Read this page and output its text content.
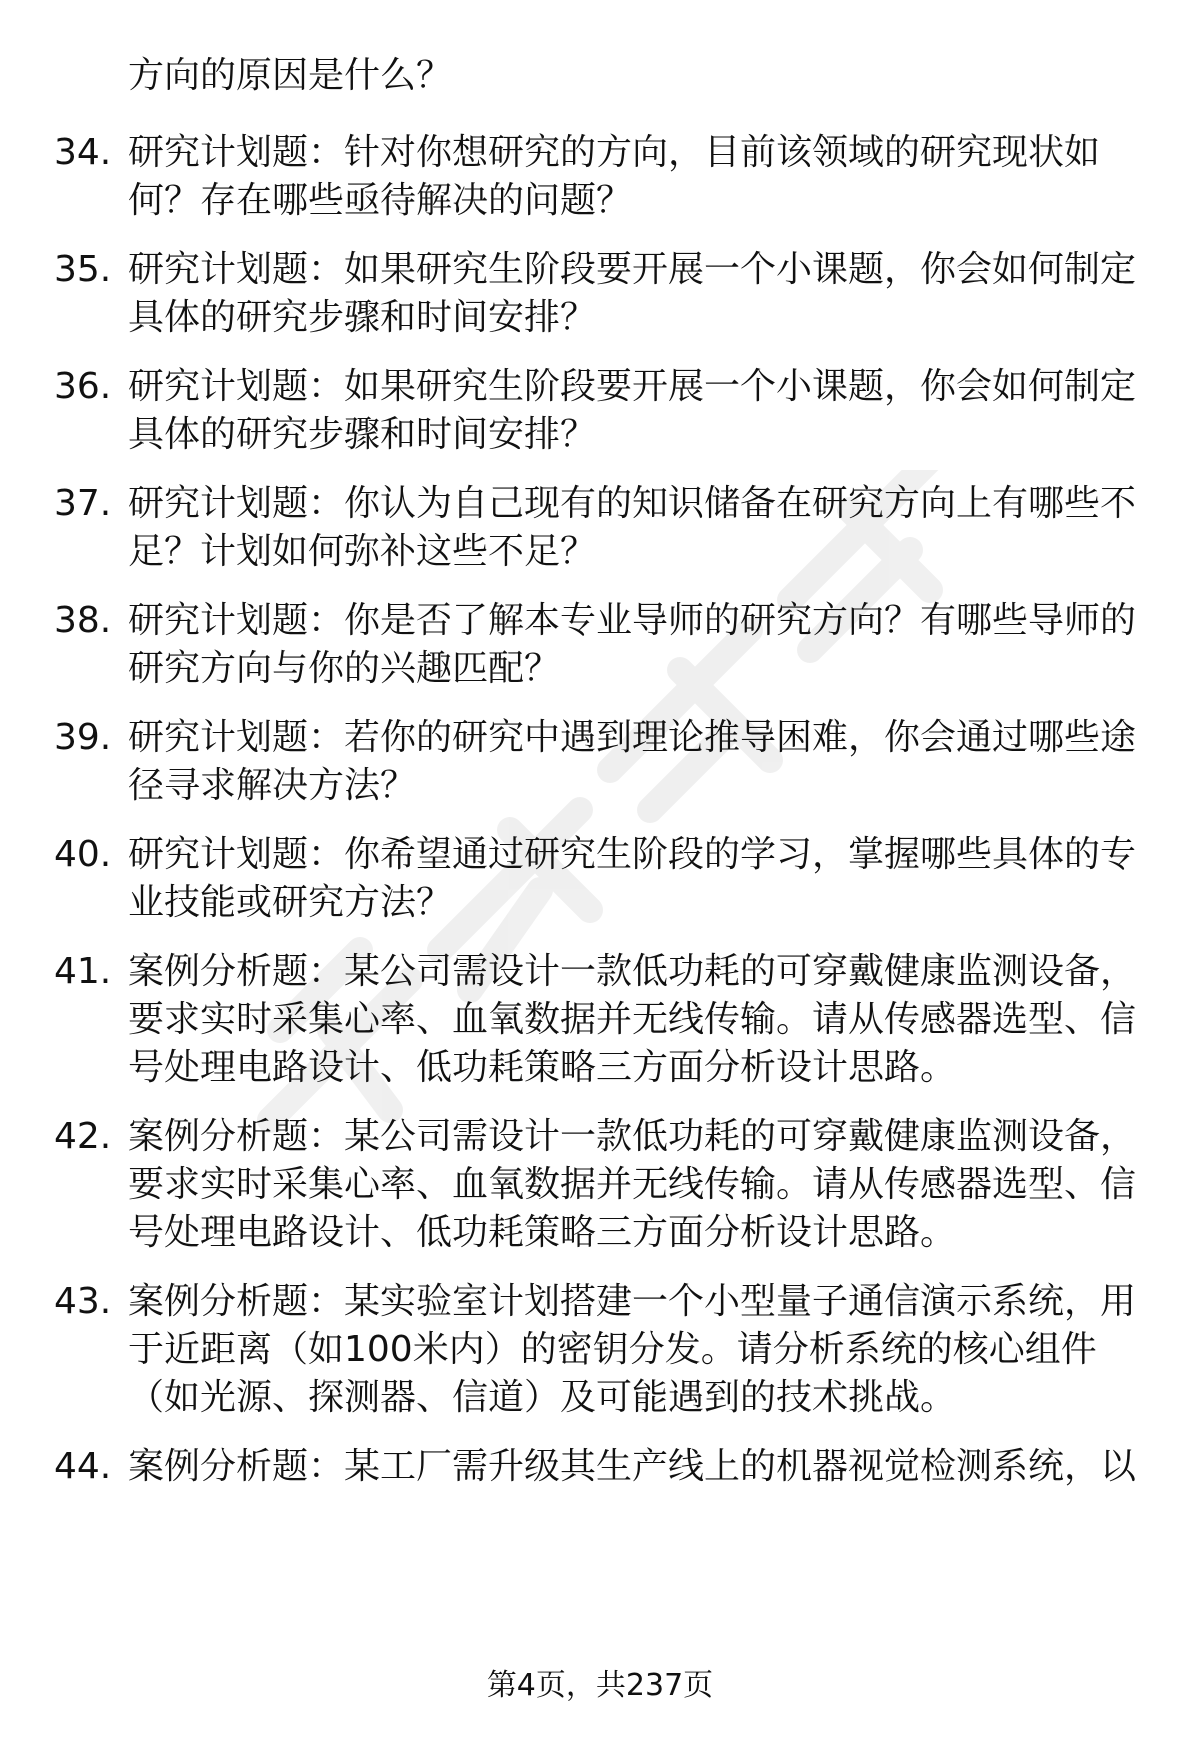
方向的原因是什么？
34. 研究计划题：针对你想研究的方向，目前该领域的研究现状如
何？存在哪些亟待解决的问题？
35. 研究计划题：如果研究生阶段要开展一个小课题，你会如何制定
具体的研究步骤和时间安排？
36. 研究计划题：如果研究生阶段要开展一个小课题，你会如何制定
具体的研究步骤和时间安排？
37. 研究计划题：你认为自己现有的知识储备在研究方向上有哪些不
足？计划如何弥补这些不足？
38. 研究计划题：你是否了解本专业导师的研究方向？有哪些导师的
研究方向与你的兴趣匹配？
39. 研究计划题：若你的研究中遇到理论推导困难，你会通过哪些途
径寻求解决方法？
40. 研究计划题：你希望通过研究生阶段的学习，掌握哪些具体的专
业技能或研究方法？
41. 案例分析题：某公司需设计一款低功耗的可穿戴健康监测设备，
要求实时采集心率、血氧数据并无线传输。请从传感器选型、信
号处理电路设计、低功耗策略三方面分析设计思路。
42. 案例分析题：某公司需设计一款低功耗的可穿戴健康监测设备，
要求实时采集心率、血氧数据并无线传输。请从传感器选型、信
号处理电路设计、低功耗策略三方面分析设计思路。
43. 案例分析题：某实验室计划搭建一个小型量子通信演示系统，用
于近距离（如100米内）的密钥分发。请分析系统的核心组件
（如光源、探测器、信道）及可能遇到的技术挑战。
44. 案例分析题：某工厂需升级其生产线上的机器视觉检测系统，以
第4页，共237页
